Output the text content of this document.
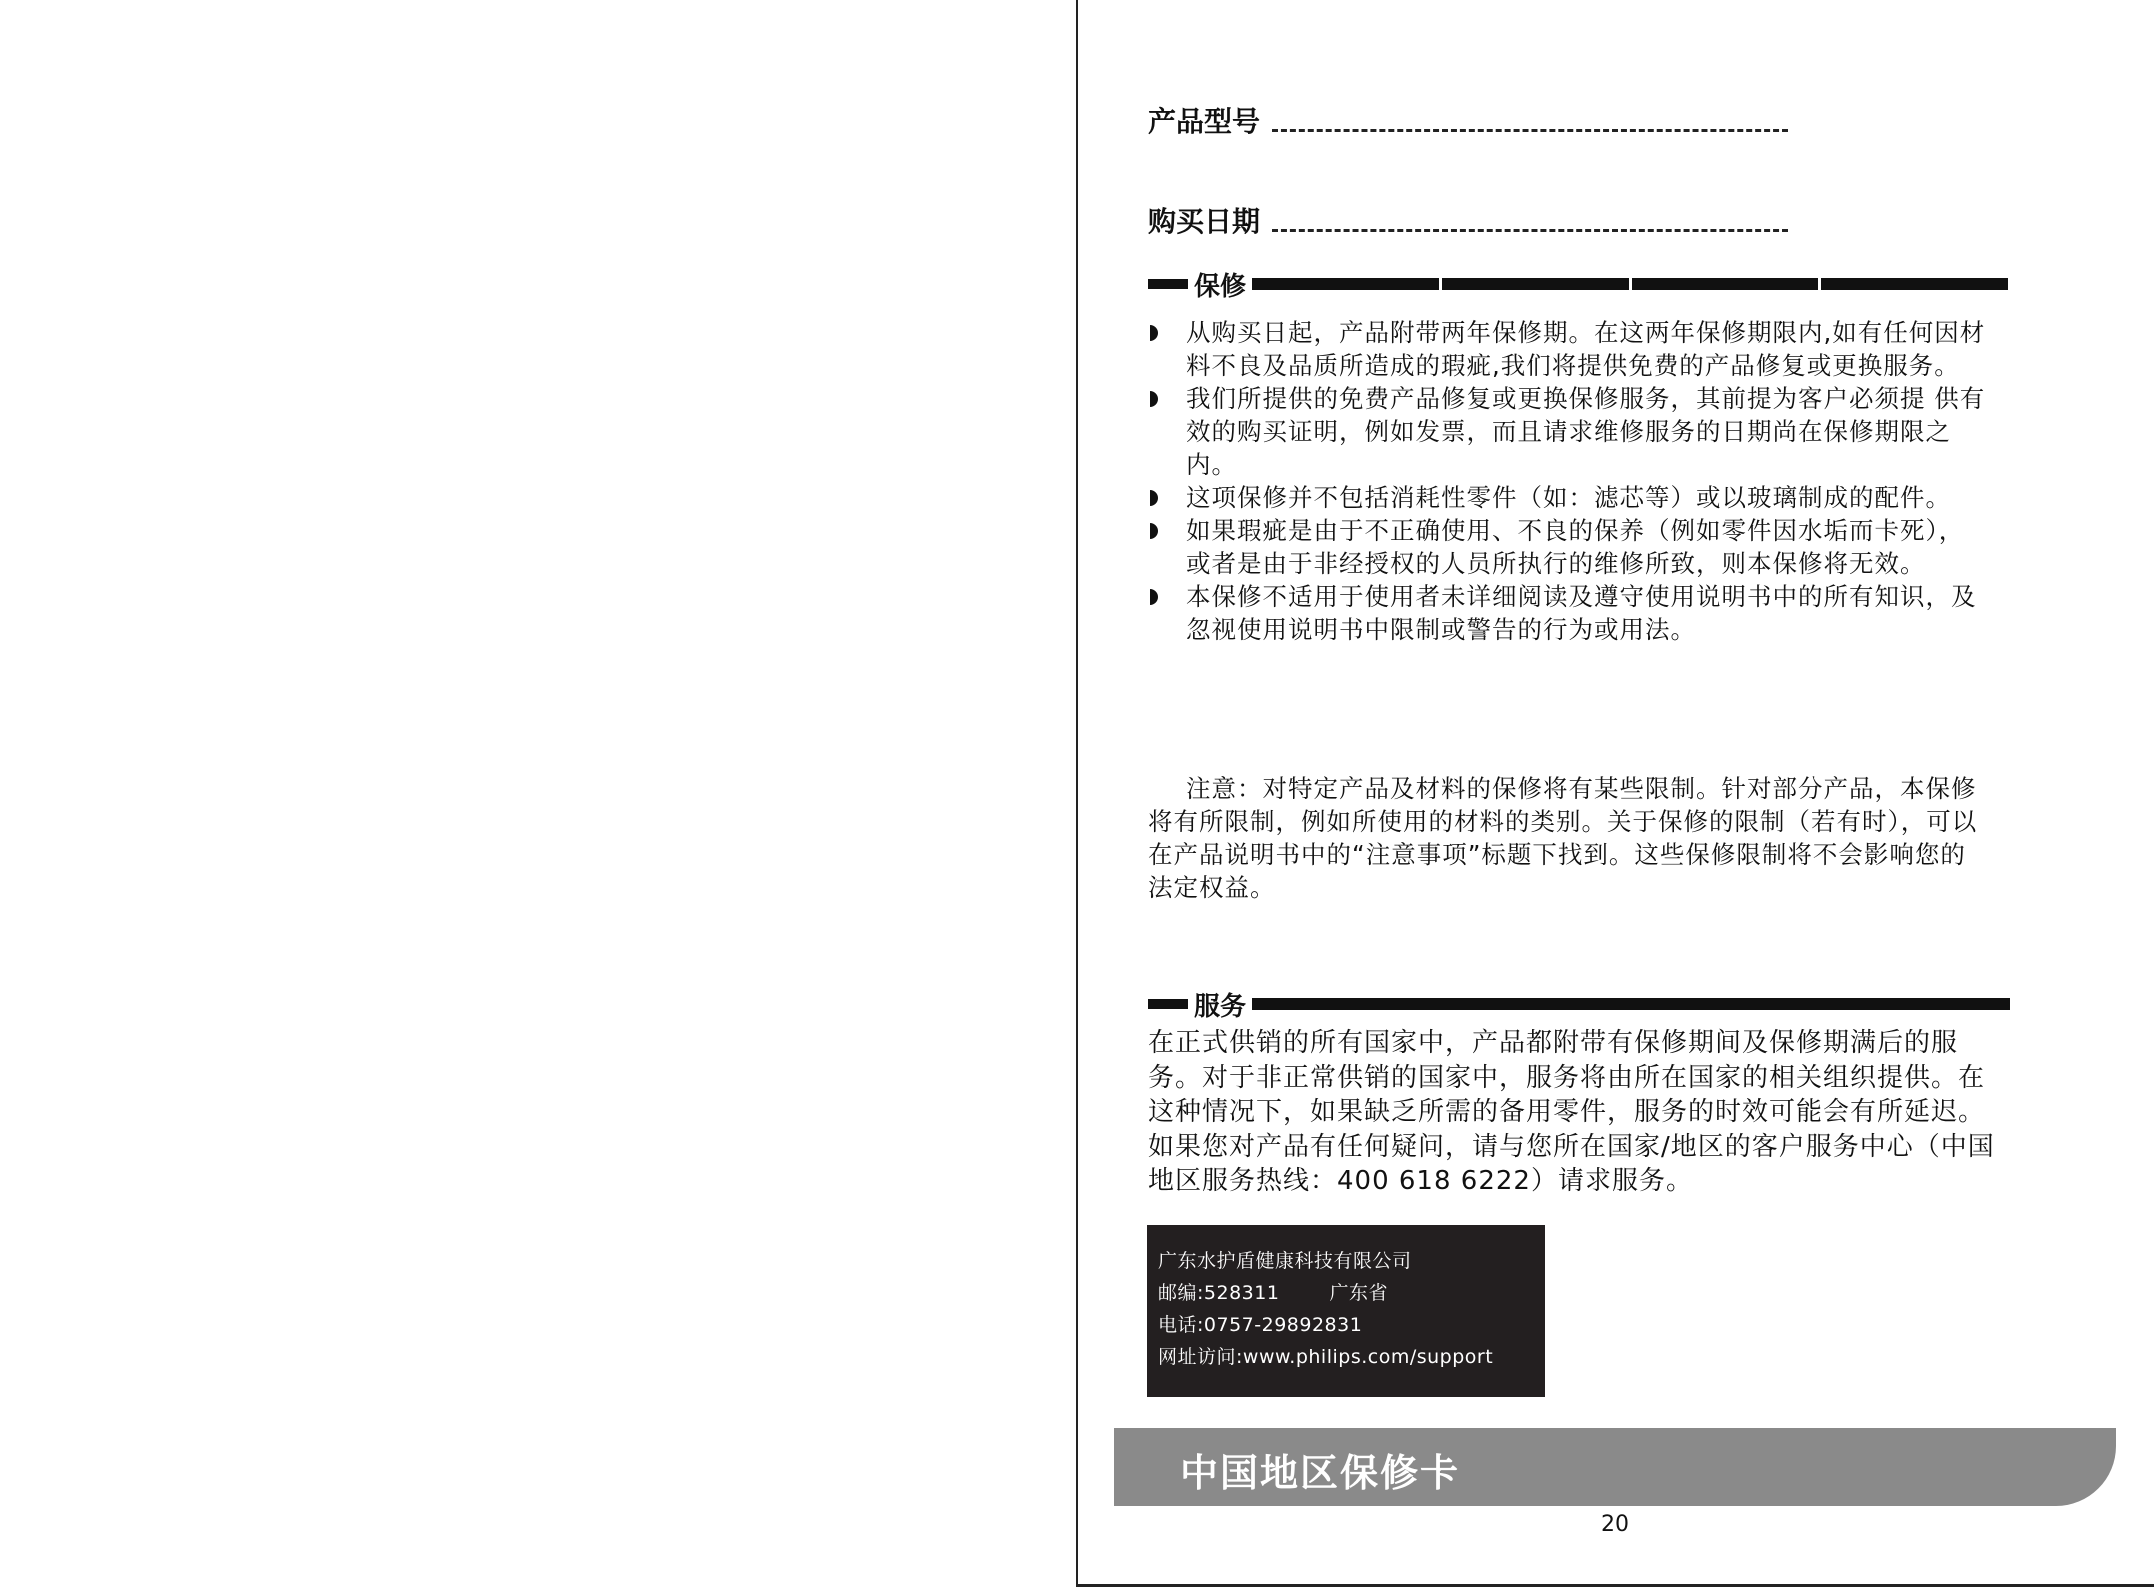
产品型号
购买日期
保修
从购买日起，产品附带两年保修期。在这两年保修期限内,如有任何因材料不良及品质所造成的瑕疵,我们将提供免费的产品修复或更换服务。
我们所提供的免费产品修复或更换保修服务，其前提为客户必须提 供有效的购买证明，例如发票，而且请求维修服务的日期尚在保修期限之内。
这项保修并不包括消耗性零件（如：滤芯等）或以玻璃制成的配件。
如果瑕疵是由于不正确使用、不良的保养（例如零件因水垢而卡死），或者是由于非经授权的人员所执行的维修所致，则本保修将无效。
本保修不适用于使用者未详细阅读及遵守使用说明书中的所有知识，及忽视使用说明书中限制或警告的行为或用法。

注意：对特定产品及材料的保修将有某些限制。针对部分产品，本保修将有所限制，例如所使用的材料的类别。关于保修的限制（若有时），可以在产品说明书中的“注意事项”标题下找到。这些保修限制将不会影响您的法定权益。

服务

在正式供销的所有国家中，产品都附带有保修期间及保修期满后的服务。对于非正常供销的国家中，服务将由所在国家的相关组织提供。在这种情况下，如果缺乏所需的备用零件，服务的时效可能会有所延迟。如果您对产品有任何疑问，请与您所在国家/地区的客户服务中心（中国地区服务热线：400 618 6222）请求服务。

广东水护盾健康科技有限公司
邮编:528311	广东省
电话:0757-29892831
网址访问:www.philips.com/support
中国地区保修卡
20
